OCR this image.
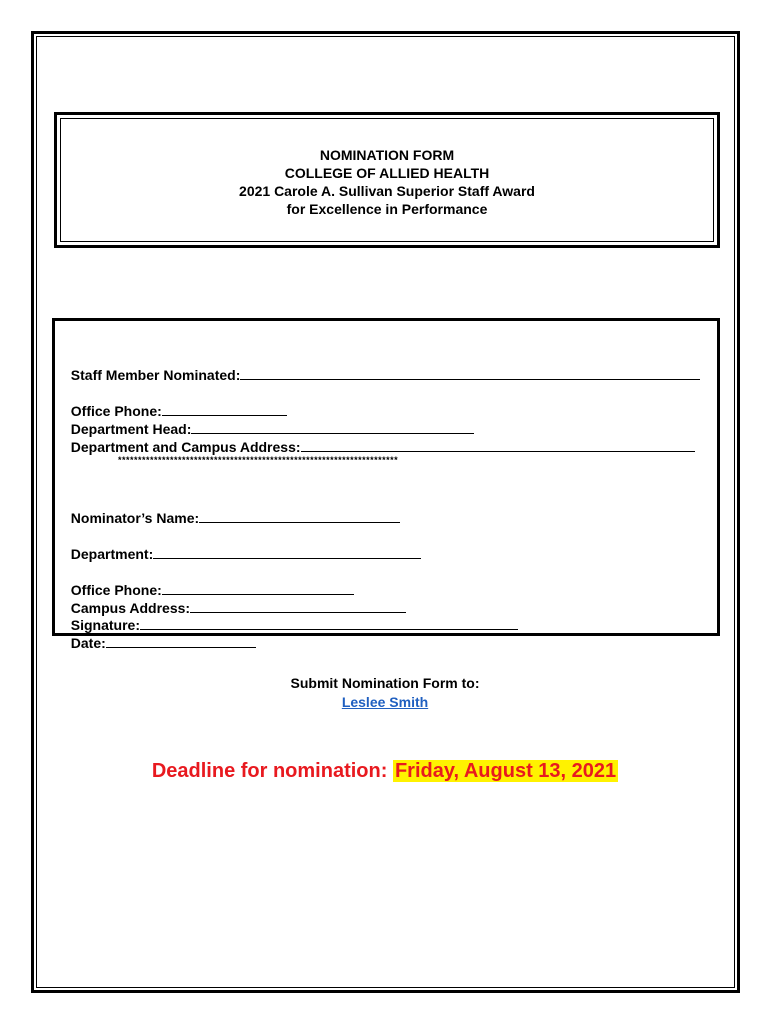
NOMINATION FORM
COLLEGE OF ALLIED HEALTH
2021 Carole A. Sullivan Superior Staff Award
for Excellence in Performance

Staff Member Nominated:

Office Phone:
Department Head:

Department and Campus Address:

**********************************************************************

Nominator’s Name:

Department:

Office Phone:
Campus Address:

Signature:
Date:

Submit Nomination Form to:
Leslee Smith
Deadline for nomination: Friday, August 13, 2021
